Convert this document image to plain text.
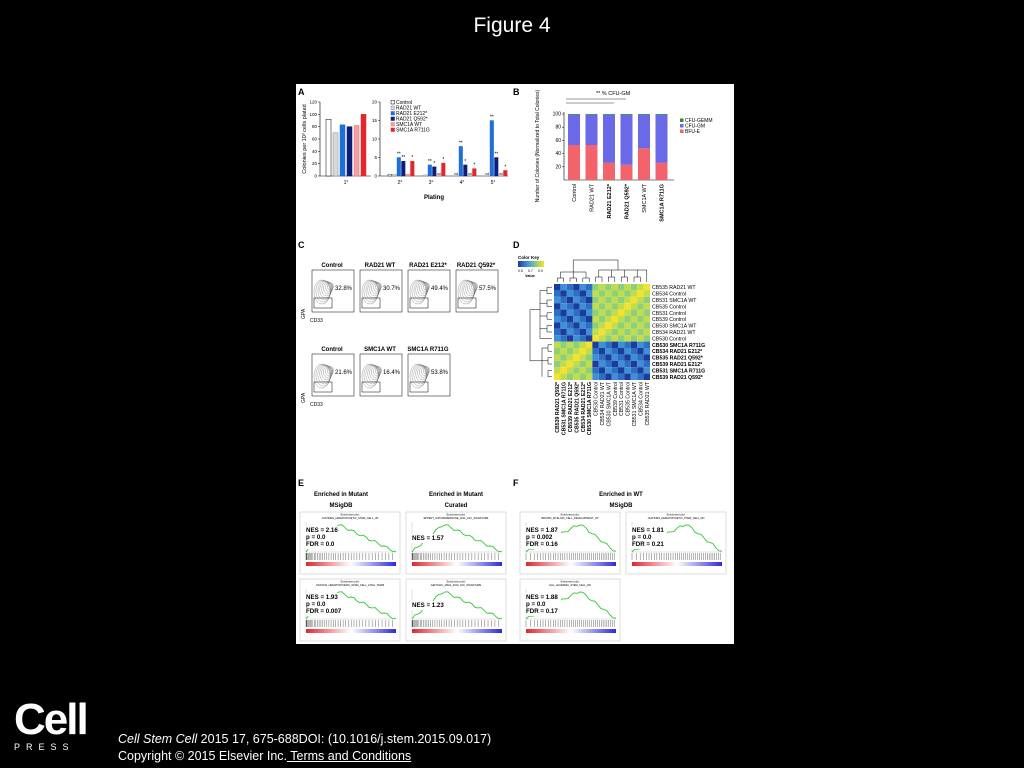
Figure 4
A
Colonies per 10³ cells plated
0
20
40
60
80
100
120
0
5
10
15
20
1°
**
** *
2°
** *
nd
*
3°
nd
**
*
nd
*
4°
nd
**
**
nd
*
5°
Plating
Control
RAD21 WT
RAD21 E212*
RAD21 Q592*
SMC1A WT
SMC1A R711G
B	Number of Colonies (Normalized to Total Colonies)	** % CFU-GM
20
40
60
80
100
Control RAD21 WT RAD21 E212* RAD21 Q592* SMC1A WT SMC1A R711G
CFU-GEMM
CFU-GM
BFU-E
C
Control
32.8%
RAD21 WT
30.7%
RAD21 E212*
49.4%
RAD21 Q592*
57.5%
Control
21.6%
SMC1A WT
16.4%
SMC1A R711G
53.8%
GPA
CD33
GPA
CD33
D
Color Key
0.5 0.7 0.9
Value
CB535 RAD21 WT
CB534 Control
CB531 SMC1A WT
CB535 Control
CB531 Control
CB539 Control
CB530 SMC1A WT
CB534 RAD21 WT
CB530 Control
CB530 SMC1A R711G
CB534 RAD21 E212*
CB535 RAD21 Q592*
CB539 RAD21 E212*
CB531 SMC1A R711G
CB539 RAD21 Q592*
CB539 RAD21 Q592* CB531 SMC1A R711G CB539 RAD21 E212* CB535 RAD21 Q592* CB534 RAD21 E212* CB530 SMC1A R711G CB530 Control CB534 RAD21 WT CB530 SMC1A WT CB539 Control CB531 Control CB535 Control CB531 SMC1A WT CB534 Control CB535 RAD21 WT
E
Enriched in Mutant
MSigDB
Enriched in Mutant
Curated
F
Enriched in WT
MSigDB
Enrichment plot:
JAATINEN_HEMATOPOIETIC_STEM_CELL_UP
NES = 2.16
p = 0.0
FDR = 0.0
Enrichment plot:
EPPERT_NATUREMEDICINE_2011_LSC_SIGNATURE
NES = 1.57
Enrichment plot:
IVANOVA_HEMATOPOIESIS_STEM_CELL_LONG_TERM
NES = 1.93
p = 0.0
FDR = 0.007
Enrichment plot:
GENTLES_JAMA_2010_LSC_SIGNATURE
NES = 1.23
Enrichment plot:
BROWN_MYELOID_CELL_DEVELOPMENT_UP
NES = 1.87
p = 0.002
FDR = 0.16
Enrichment plot:
JAATINEN_HEMATOPOIETIC_STEM_CELL_DN
NES = 1.81
p = 0.0
FDR = 0.21
Enrichment plot:
GAL_LEUKEMIC_STEM_CELL_DN
NES = 1.88
p = 0.0
FDR = 0.17
Cell
PRESS
Cell Stem Cell 2015 17, 675-688DOI: (10.1016/j.stem.2015.09.017)
Copyright © 2015 Elsevier Inc. Terms and Conditions
